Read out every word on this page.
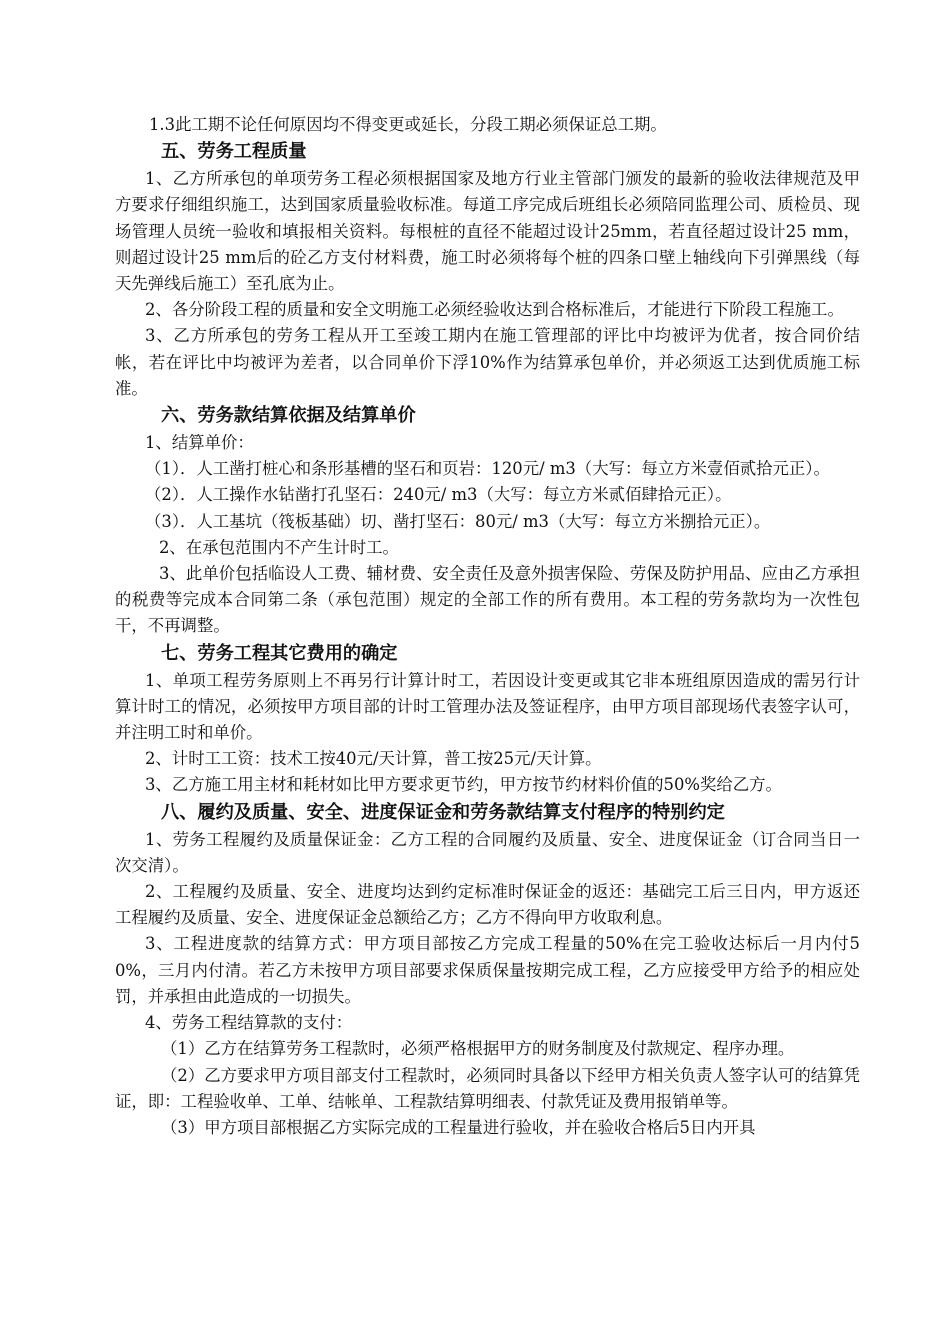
1.3此工期不论任何原因均不得变更或延长，分段工期必须保证总工期。

五、劳务工程质量

1、乙方所承包的单项劳务工程必须根据国家及地方行业主管部门颁发的最新的验收法律规范及甲方要求仔细组织施工，达到国家质量验收标准。每道工序完成后班组长必须陪同监理公司、质检员、现场管理人员统一验收和填报相关资料。每根桩的直径不能超过设计25mm，若直径超过设计25 mm，则超过设计25 mm后的砼乙方支付材料费，施工时必须将每个桩的四条口壁上轴线向下引弹黑线（每天先弹线后施工）至孔底为止。

2、各分阶段工程的质量和安全文明施工必须经验收达到合格标准后，才能进行下阶段工程施工。

3、乙方所承包的劳务工程从开工至竣工期内在施工管理部的评比中均被评为优者，按合同价结帐，若在评比中均被评为差者，以合同单价下浮10%作为结算承包单价，并必须返工达到优质施工标准。

六、劳务款结算依据及结算单价

1、结算单价：

（1）．人工凿打桩心和条形基槽的坚石和页岩：120元/ m3（大写：每立方米壹佰贰拾元正）。

（2）．人工操作水钻凿打孔坚石：240元/ m3（大写：每立方米贰佰肆拾元正）。

（3）．人工基坑（筏板基础）切、凿打坚石：80元/ m3（大写：每立方米捌拾元正）。

2、在承包范围内不产生计时工。

3、此单价包括临设人工费、辅材费、安全责任及意外损害保险、劳保及防护用品、应由乙方承担的税费等完成本合同第二条（承包范围）规定的全部工作的所有费用。本工程的劳务款均为一次性包干，不再调整。

七、劳务工程其它费用的确定

1、单项工程劳务原则上不再另行计算计时工，若因设计变更或其它非本班组原因造成的需另行计算计时工的情况，必须按甲方项目部的计时工管理办法及签证程序，由甲方项目部现场代表签字认可，并注明工时和单价。

2、计时工工资：技术工按40元/天计算，普工按25元/天计算。

3、乙方施工用主材和耗材如比甲方要求更节约，甲方按节约材料价值的50%奖给乙方。

八、履约及质量、安全、进度保证金和劳务款结算支付程序的特别约定

1、劳务工程履约及质量保证金：乙方工程的合同履约及质量、安全、进度保证金（订合同当日一次交清）。

2、工程履约及质量、安全、进度均达到约定标准时保证金的返还：基础完工后三日内，甲方返还工程履约及质量、安全、进度保证金总额给乙方；乙方不得向甲方收取利息。

3、工程进度款的结算方式：甲方项目部按乙方完成工程量的50%在完工验收达标后一月内付50%，三月内付清。若乙方未按甲方项目部要求保质保量按期完成工程，乙方应接受甲方给予的相应处罚，并承担由此造成的一切损失。

4、劳务工程结算款的支付：

（1）乙方在结算劳务工程款时，必须严格根据甲方的财务制度及付款规定、程序办理。

（2）乙方要求甲方项目部支付工程款时，必须同时具备以下经甲方相关负责人签字认可的结算凭证，即：工程验收单、工单、结帐单、工程款结算明细表、付款凭证及费用报销单等。

（3）甲方项目部根据乙方实际完成的工程量进行验收，并在验收合格后5日内开具
